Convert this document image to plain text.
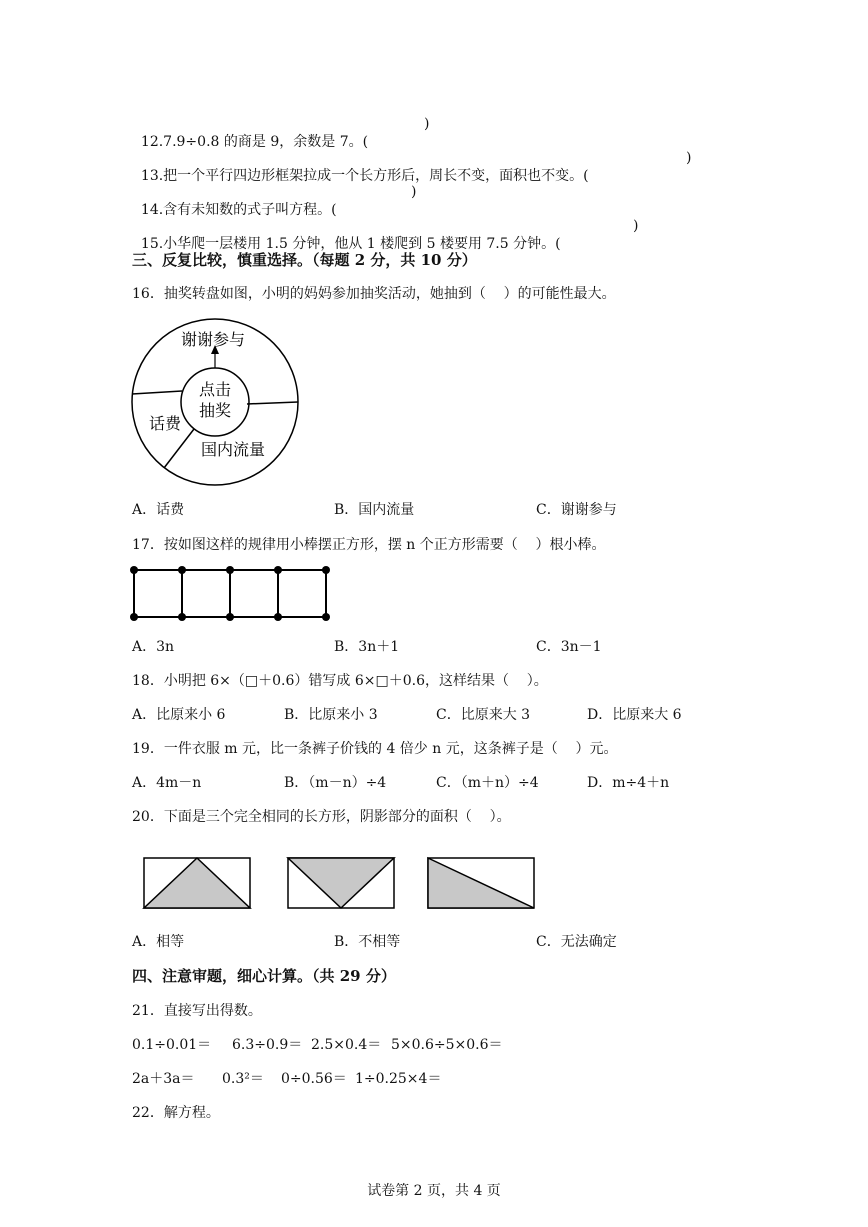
12.7.9÷0.8 的商是 9，余数是 7。(

)

13.把一个平行四边形框架拉成一个长方形后，周长不变，面积也不变。(

)

14.含有未知数的式子叫方程。(

)

15.小华爬一层楼用 1.5 分钟，他从 1 楼爬到 5 楼要用 7.5 分钟。(

)
三、反复比较，慎重选择。（每题 2 分，共 10 分）
16．抽奖转盘如图，小明的妈妈参加抽奖活动，她抽到（    ）的可能性最大。
谢谢参与
点击
抽奖
话费
国内流量
A．话费	B．国内流量	C．谢谢参与
17．按如图这样的规律用小棒摆正方形，摆 n 个正方形需要（    ）根小棒。
A．3n	B．3n＋1	C．3n－1
18．小明把 6×（□＋0.6）错写成 6×□＋0.6，这样结果（    ）。
A．比原来小 6	B．比原来小 3	C．比原来大 3	D．比原来大 6
19．一件衣服 m 元，比一条裤子价钱的 4 倍少 n 元，这条裤子是（    ）元。
A．4m－n	B．（m－n）÷4	C．（m＋n）÷4	D．m÷4＋n
20．下面是三个完全相同的长方形，阴影部分的面积（    ）。
A．相等	B．不相等	C．无法确定
四、注意审题，细心计算。（共 29 分）
21．直接写出得数。
0.1÷0.01＝ 6.3÷0.9＝ 2.5×0.4＝ 5×0.6÷5×0.6＝
2a＋3a＝ 0.3²＝ 0÷0.56＝ 1÷0.25×4＝
22．解方程。
试卷第 2 页，共 4 页
